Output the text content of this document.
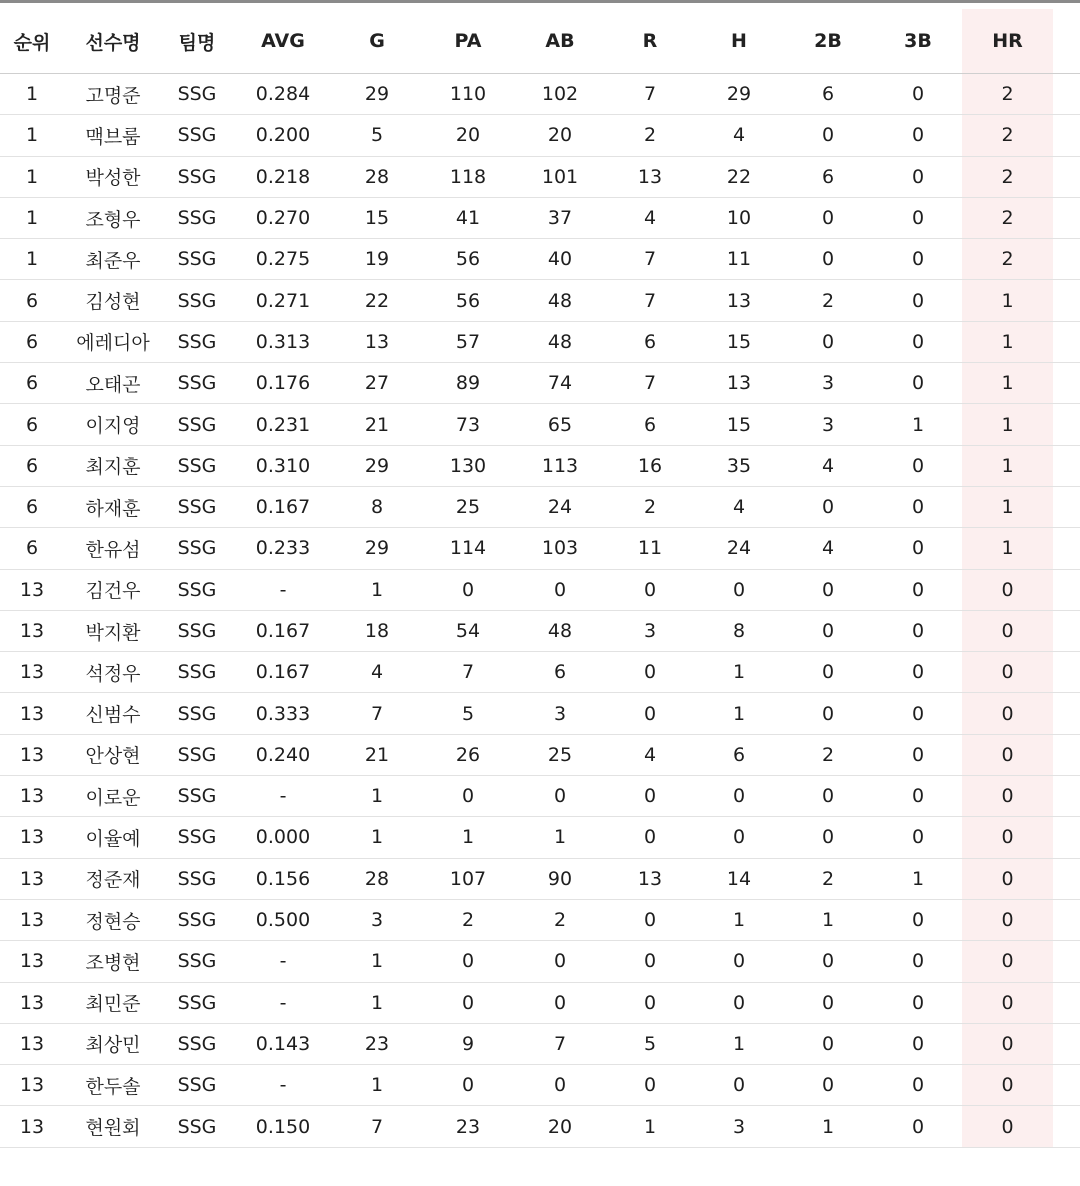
순위	선수명	팀명	AVG	G	PA	AB	R	H	2B	3B	HR	
1	고명준	SSG	0.284	29	110	102	7	29	6	0	2	
1	맥브룸	SSG	0.200	5	20	20	2	4	0	0	2	
1	박성한	SSG	0.218	28	118	101	13	22	6	0	2	
1	조형우	SSG	0.270	15	41	37	4	10	0	0	2	
1	최준우	SSG	0.275	19	56	40	7	11	0	0	2	
6	김성현	SSG	0.271	22	56	48	7	13	2	0	1	
6	에레디아	SSG	0.313	13	57	48	6	15	0	0	1	
6	오태곤	SSG	0.176	27	89	74	7	13	3	0	1	
6	이지영	SSG	0.231	21	73	65	6	15	3	1	1	
6	최지훈	SSG	0.310	29	130	113	16	35	4	0	1	
6	하재훈	SSG	0.167	8	25	24	2	4	0	0	1	
6	한유섬	SSG	0.233	29	114	103	11	24	4	0	1	
13	김건우	SSG	-	1	0	0	0	0	0	0	0	
13	박지환	SSG	0.167	18	54	48	3	8	0	0	0	
13	석정우	SSG	0.167	4	7	6	0	1	0	0	0	
13	신범수	SSG	0.333	7	5	3	0	1	0	0	0	
13	안상현	SSG	0.240	21	26	25	4	6	2	0	0	
13	이로운	SSG	-	1	0	0	0	0	0	0	0	
13	이율예	SSG	0.000	1	1	1	0	0	0	0	0	
13	정준재	SSG	0.156	28	107	90	13	14	2	1	0	
13	정현승	SSG	0.500	3	2	2	0	1	1	0	0	
13	조병현	SSG	-	1	0	0	0	0	0	0	0	
13	최민준	SSG	-	1	0	0	0	0	0	0	0	
13	최상민	SSG	0.143	23	9	7	5	1	0	0	0	
13	한두솔	SSG	-	1	0	0	0	0	0	0	0	
13	현원회	SSG	0.150	7	23	20	1	3	1	0	0	
